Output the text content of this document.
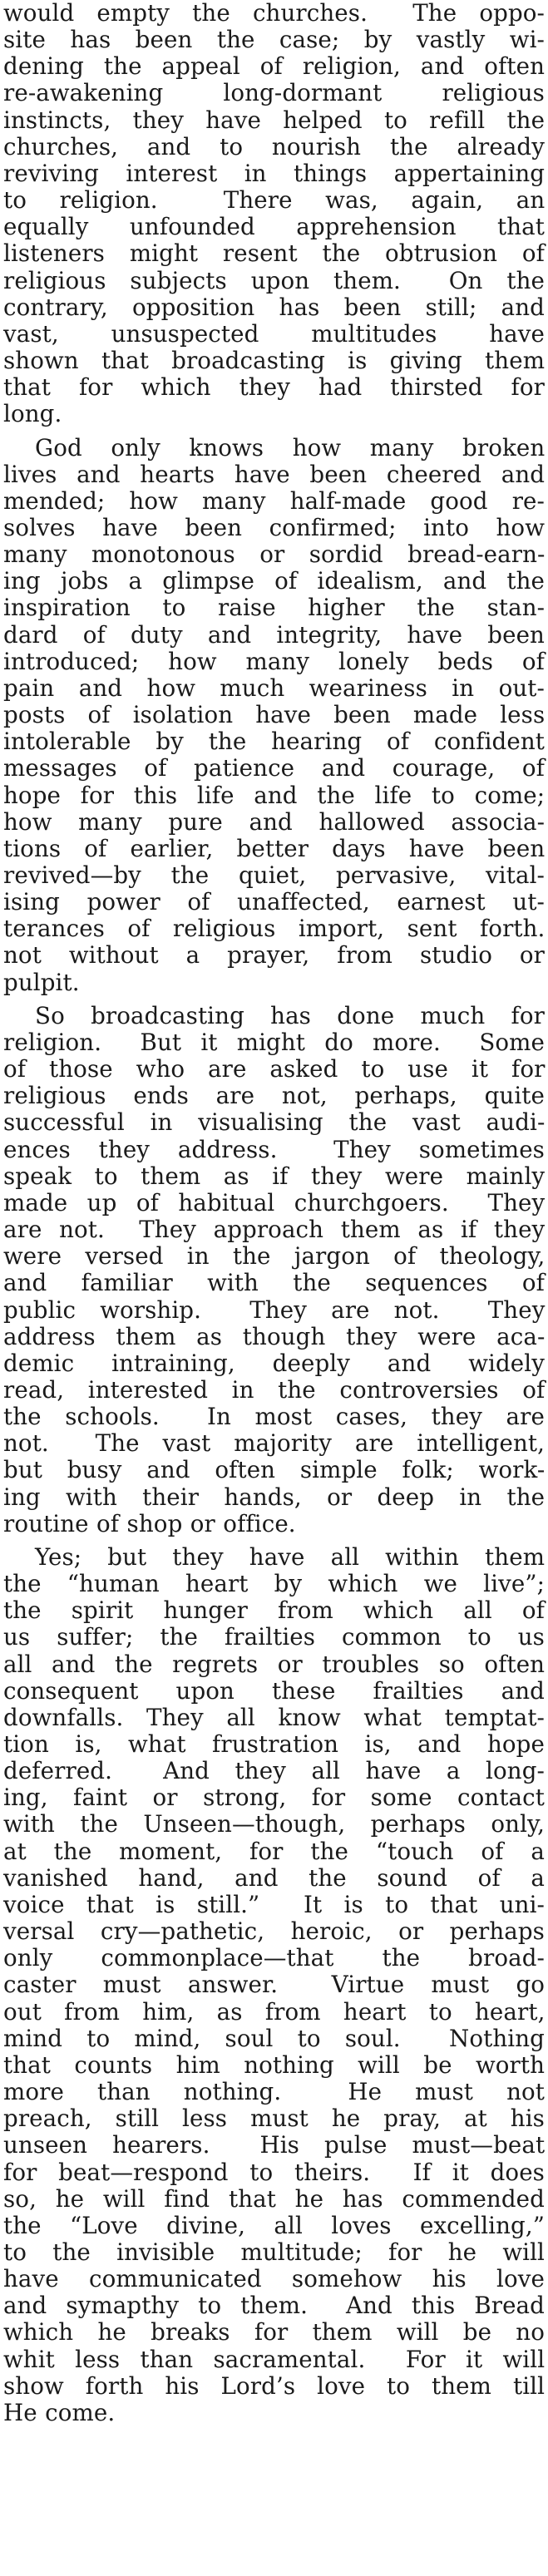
would empty the churches.  The oppo-
site has been the case; by vastly wi-
dening the appeal of religion, and often
re-awakening long-dormant religious
instincts, they have helped to refill the
churches, and to nourish the already
reviving interest in things appertaining
to religion.  There was, again, an
equally unfounded apprehension that
listeners might resent the obtrusion of
religious subjects upon them.  On the
contrary, opposition has been still; and
vast, unsuspected multitudes have
shown that broadcasting is giving them
that for which they had thirsted for
long.
God only knows how many broken
lives and hearts have been cheered and
mended; how many half-made good re-
solves have been confirmed; into how
many monotonous or sordid bread-earn-
ing jobs a glimpse of idealism, and the
inspiration to raise higher the stan-
dard of duty and integrity, have been
introduced; how many lonely beds of
pain and how much weariness in out-
posts of isolation have been made less
intolerable by the hearing of confident
messages of patience and courage, of
hope for this life and the life to come;
how many pure and hallowed associa-
tions of earlier, better days have been
revived—by the quiet, pervasive, vital-
ising power of unaffected, earnest ut-
terances of religious import, sent forth.
not without a prayer, from studio or
pulpit.
So broadcasting has done much for
religion.  But it might do more.  Some
of those who are asked to use it for
religious ends are not, perhaps, quite
successful in visualising the vast audi-
ences they address.  They sometimes
speak to them as if they were mainly
made up of habitual churchgoers.  They
are not.  They approach them as if they
were versed in the jargon of theology,
and familiar with the sequences of
public worship.  They are not.  They
address them as though they were aca-
demic intraining, deeply and widely
read, interested in the controversies of
the schools.  In most cases, they are
not.  The vast majority are intelligent,
but busy and often simple folk; work-
ing with their hands, or deep in the
routine of shop or office.
Yes; but they have all within them
the “human heart by which we live”;
the spirit hunger from which all of
us suffer; the frailties common to us
all and the regrets or troubles so often
consequent upon these frailties and
downfalls. They all know what temptat-
tion is, what frustration is, and hope
deferred.  And they all have a long-
ing, faint or strong, for some contact
with the Unseen—though, perhaps only,
at the moment, for the “touch of a
vanished hand, and the sound of a
voice that is still.”  It is to that uni-
versal cry—pathetic, heroic, or perhaps
only commonplace—that the broad-
caster must answer.  Virtue must go
out from him, as from heart to heart,
mind to mind, soul to soul.  Nothing
that counts him nothing will be worth
more than nothing.  He must not
preach, still less must he pray, at his
unseen hearers.  His pulse must—beat
for beat—respond to theirs.  If it does
so, he will find that he has commended
the “Love divine, all loves excelling,”
to the invisible multitude; for he will
have communicated somehow his love
and symapthy to them.  And this Bread
which he breaks for them will be no
whit less than sacramental.  For it will
show forth his Lord’s love to them till
He come.
